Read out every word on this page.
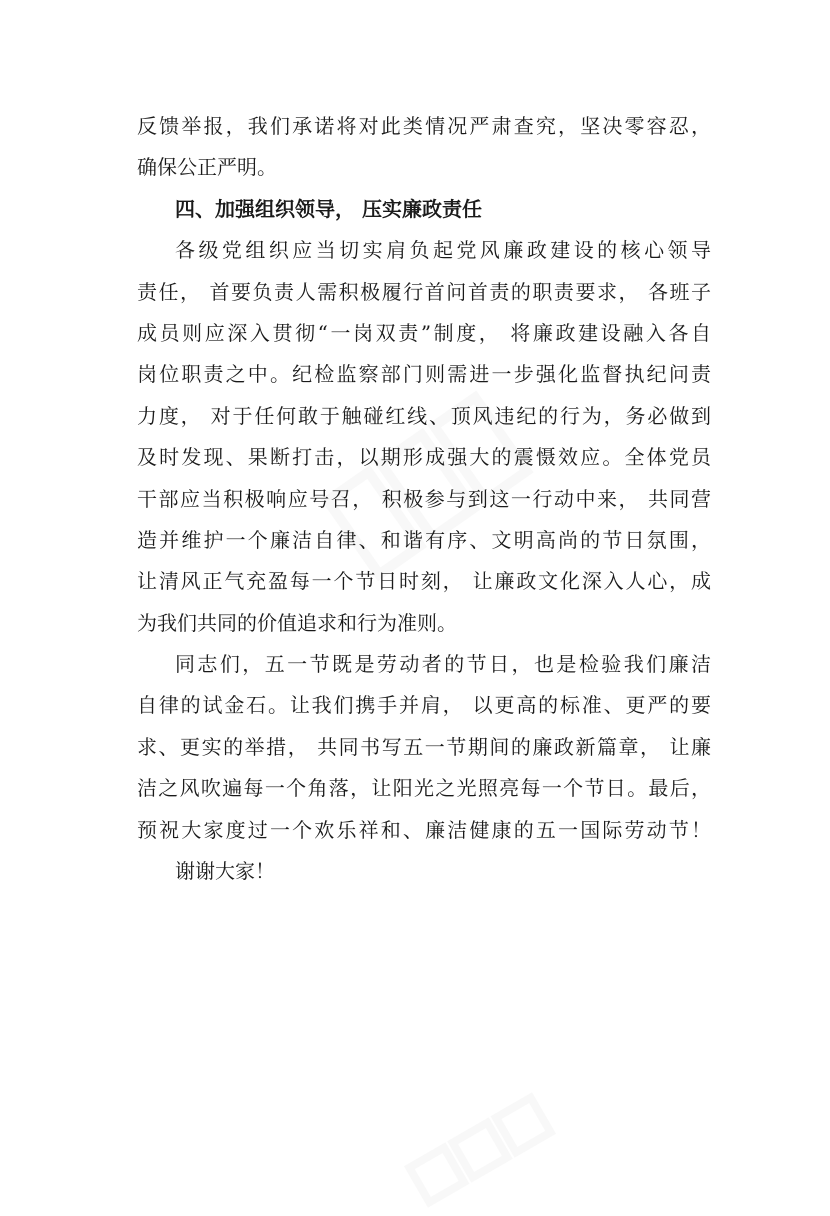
反馈举报，我们承诺将对此类情况严肃查究，坚决零容忍，
确保公正严明。
四、加强组织领导， 压实廉政责任
各级党组织应当切实肩负起党风廉政建设的核心领导
责任， 首要负责人需积极履行首问首责的职责要求， 各班子
成员则应深入贯彻“一岗双责”制度， 将廉政建设融入各自
岗位职责之中。纪检监察部门则需进一步强化监督执纪问责
力度， 对于任何敢于触碰红线、顶风违纪的行为，务必做到
及时发现、果断打击，以期形成强大的震慑效应。全体党员
干部应当积极响应号召， 积极参与到这一行动中来， 共同营
造并维护一个廉洁自律、和谐有序、文明高尚的节日氛围，
让清风正气充盈每一个节日时刻， 让廉政文化深入人心，成
为我们共同的价值追求和行为准则。
同志们，五一节既是劳动者的节日，也是检验我们廉洁
自律的试金石。让我们携手并肩， 以更高的标准、更严的要
求、更实的举措， 共同书写五一节期间的廉政新篇章， 让廉
洁之风吹遍每一个角落，让阳光之光照亮每一个节日。最后，
预祝大家度过一个欢乐祥和、廉洁健康的五一国际劳动节！
谢谢大家！
